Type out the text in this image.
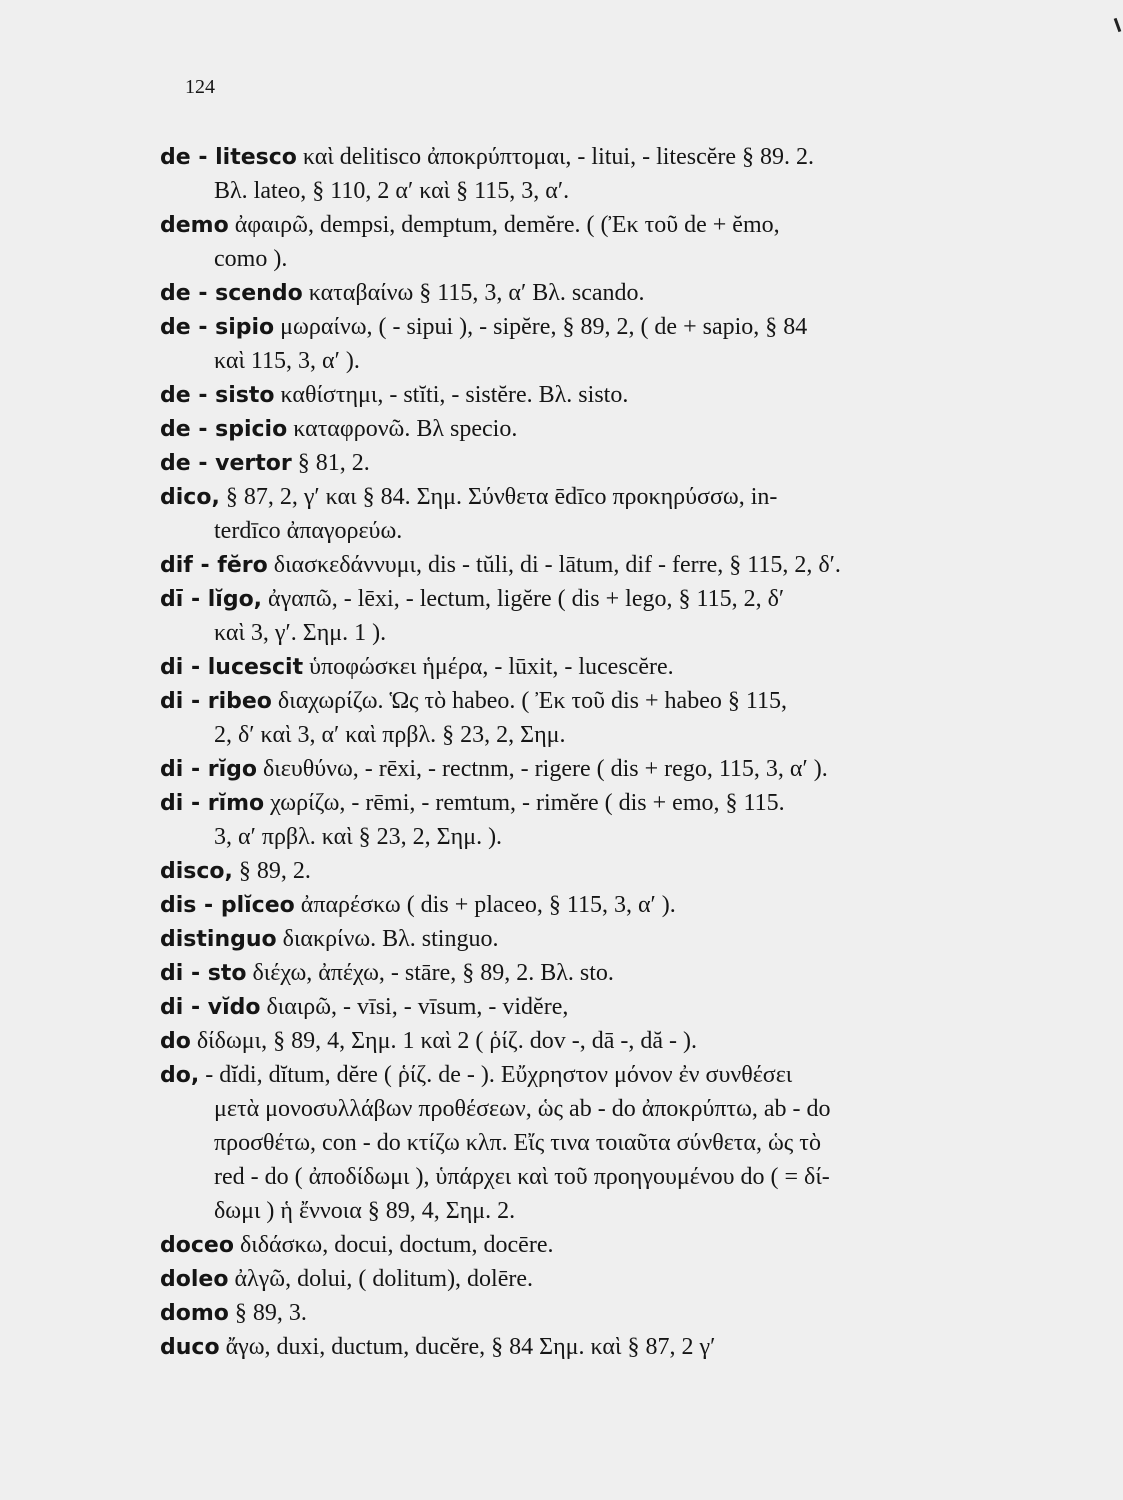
124
de - litesco καὶ delitisco ἀποκρύπτομαι, - litui, - litescĕre § 89. 2.
Βλ. lateo, § 110, 2 α′ καὶ § 115, 3, α′.
demo ἀφαιρῶ, dempsi, demptum, demĕre. ( (Ἐκ τοῦ de + ĕmo,
como ).
de - scendo καταβαίνω § 115, 3, α′ Βλ. scando.
de - sipio μωραίνω, ( - sipui ), - sipĕre, § 89, 2, ( de + sapio, § 84
καὶ 115, 3, α′ ).
de - sisto καθίστημι, - stĭti, - sistĕre. Βλ. sisto.
de - spicio καταφρονῶ. Βλ specio.
de - vertor § 81, 2.
dico, § 87, 2, γ′ και § 84. Σημ. Σύνθετα ēdīco προκηρύσσω, in-
terdīco ἀπαγορεύω.
dif - fĕro διασκεδάννυμι, dis - tŭli, di - lātum, dif - ferre, § 115, 2, δ′.
dī - lĭgo, ἀγαπῶ, - lēxi, - lectum, ligĕre ( dis + lego, § 115, 2, δ′
καὶ 3, γ′. Σημ. 1 ).
di - lucescit ὑποφώσκει ἡμέρα, - lūxit, - lucescĕre.
di - ribeo διαχωρίζω. Ὡς τὸ habeo. ( Ἐκ τοῦ dis + habeo § 115,
2, δ′ καὶ 3, α′ καὶ πρβλ. § 23, 2, Σημ.
di - rĭgo διευθύνω, - rēxi, - rectnm, - rigere ( dis + rego, 115, 3, α′ ).
di - rĭmo χωρίζω, - rēmi, - remtum, - rimĕre ( dis + emo, § 115.
3, α′ πρβλ. καὶ § 23, 2, Σημ. ).
disco, § 89, 2.
dis - plĭceo ἀπαρέσκω ( dis + placeo, § 115, 3, α′ ).
distinguo διακρίνω. Βλ. stinguo.
di - sto διέχω, ἀπέχω, - stāre, § 89, 2. Βλ. sto.
di - vĭdo διαιρῶ, - vīsi, - vīsum, - vidĕre,
do δίδωμι, § 89, 4, Σημ. 1 καὶ 2 ( ῥίζ. dov -, dā -, dă - ).
do, - dĭdi, dĭtum, dĕre ( ῥίζ. de - ). Εὔχρηστον μόνον ἐν συνθέσει
μετὰ μονοσυλλάβων προθέσεων, ὡς ab - do ἀποκρύπτω, ab - do
προσθέτω, con - do κτίζω κλπ. Εἴς τινα τοιαῦτα σύνθετα, ὡς τὸ
red - do ( ἀποδίδωμι ), ὑπάρχει καὶ τοῦ προηγουμένου do ( = δί-
δωμι ) ἡ ἔννοια § 89, 4, Σημ. 2.
doceo διδάσκω, docui, doctum, docēre.
doleo ἀλγῶ, dolui, ( dolitum), dolēre.
domo § 89, 3.
duco ἄγω, duxi, ductum, ducĕre, § 84 Σημ. καὶ § 87, 2 γ′
